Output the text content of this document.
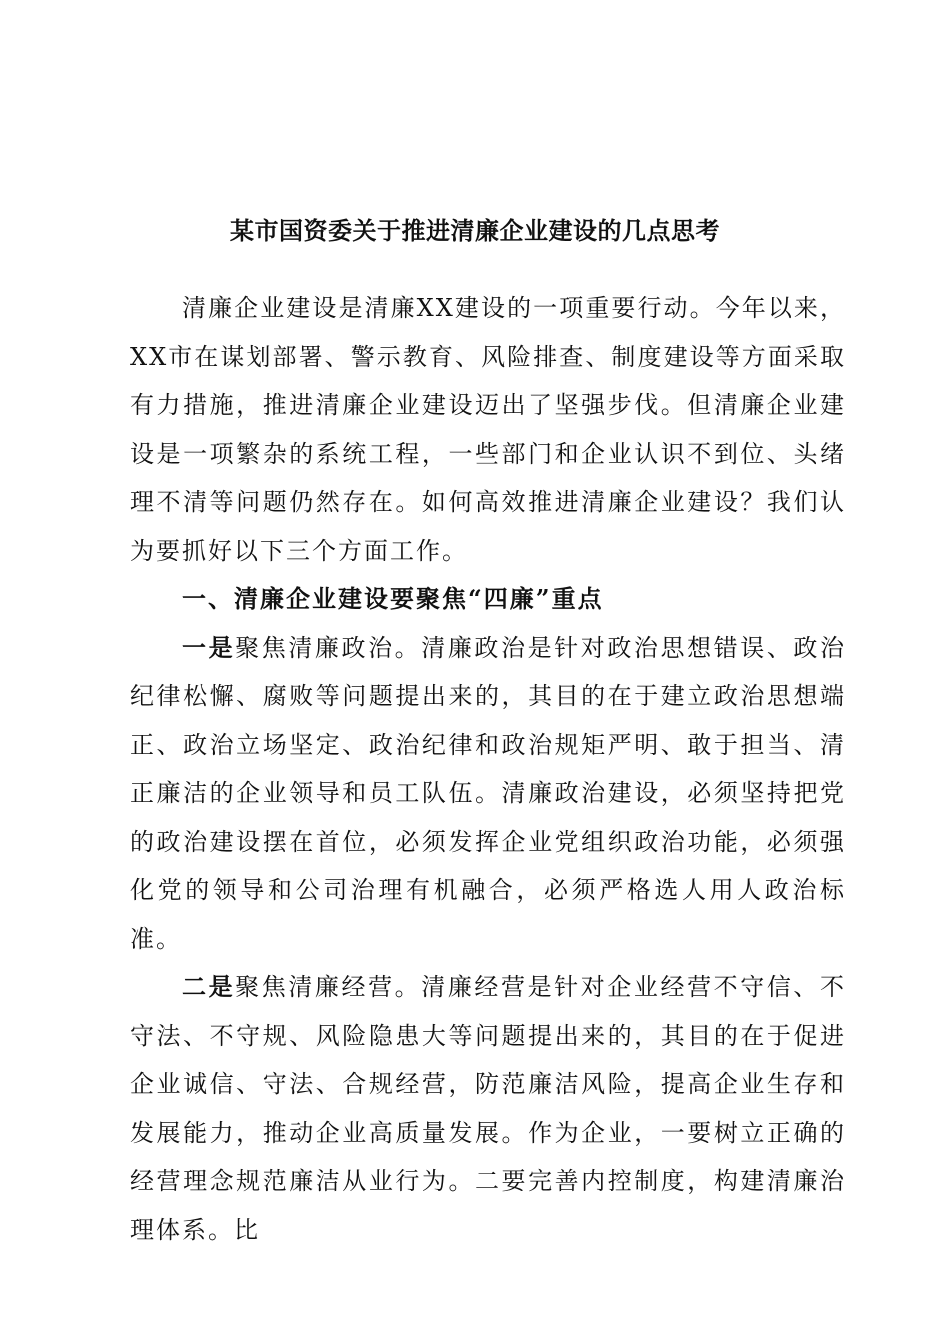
某市国资委关于推进清廉企业建设的几点思考

清廉企业建设是清廉XX建设的一项重要行动。今年以来，XX市在谋划部署、警示教育、风险排查、制度建设等方面采取有力措施，推进清廉企业建设迈出了坚强步伐。但清廉企业建设是一项繁杂的系统工程，一些部门和企业认识不到位、头绪理不清等问题仍然存在。如何高效推进清廉企业建设？我们认为要抓好以下三个方面工作。

一、清廉企业建设要聚焦“四廉”重点

一是聚焦清廉政治。清廉政治是针对政治思想错误、政治纪律松懈、腐败等问题提出来的，其目的在于建立政治思想端正、政治立场坚定、政治纪律和政治规矩严明、敢于担当、清正廉洁的企业领导和员工队伍。清廉政治建设，必须坚持把党的政治建设摆在首位，必须发挥企业党组织政治功能，必须强化党的领导和公司治理有机融合，必须严格选人用人政治标准。

二是聚焦清廉经营。清廉经营是针对企业经营不守信、不守法、不守规、风险隐患大等问题提出来的，其目的在于促进企业诚信、守法、合规经营，防范廉洁风险，提高企业生存和发展能力，推动企业高质量发展。作为企业，一要树立正确的经营理念规范廉洁从业行为。二要完善内控制度，构建清廉治理体系。比
